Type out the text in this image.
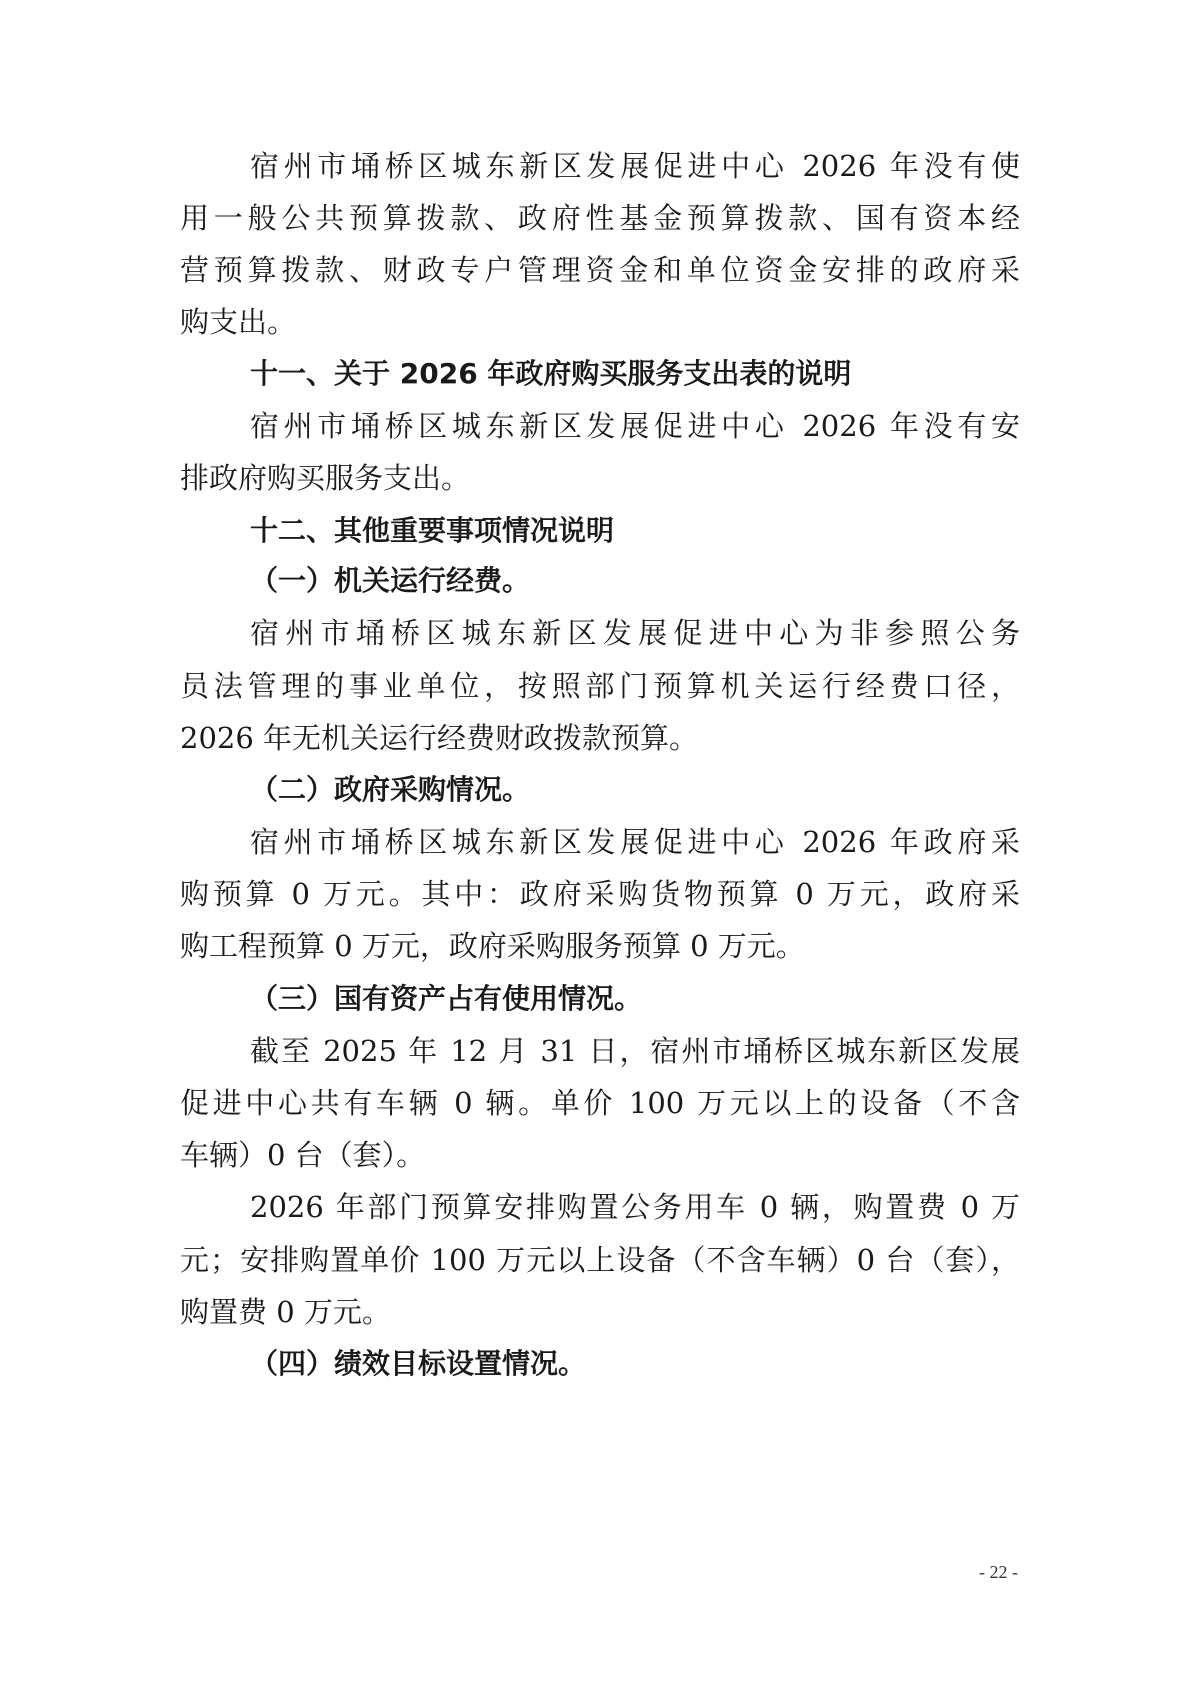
宿州市埇桥区城东新区发展促进中心 2026 年没有使
用一般公共预算拨款、政府性基金预算拨款、国有资本经
营预算拨款、财政专户管理资金和单位资金安排的政府采
购支出。
十一、关于 2026 年政府购买服务支出表的说明
宿州市埇桥区城东新区发展促进中心 2026 年没有安
排政府购买服务支出。
十二、其他重要事项情况说明
（一）机关运行经费。
宿州市埇桥区城东新区发展促进中心为非参照公务
员法管理的事业单位，按照部门预算机关运行经费口径，
2026 年无机关运行经费财政拨款预算。
（二）政府采购情况。
宿州市埇桥区城东新区发展促进中心 2026 年政府采
购预算 0 万元。其中：政府采购货物预算 0 万元，政府采
购工程预算 0 万元，政府采购服务预算 0 万元。
（三）国有资产占有使用情况。
截至 2025 年 12 月 31 日，宿州市埇桥区城东新区发展
促进中心共有车辆 0 辆。单价 100 万元以上的设备（不含
车辆）0 台（套）。
2026 年部门预算安排购置公务用车 0 辆，购置费 0 万
元；安排购置单价 100 万元以上设备（不含车辆）0 台（套），
购置费 0 万元。
（四）绩效目标设置情况。
- 22 -
